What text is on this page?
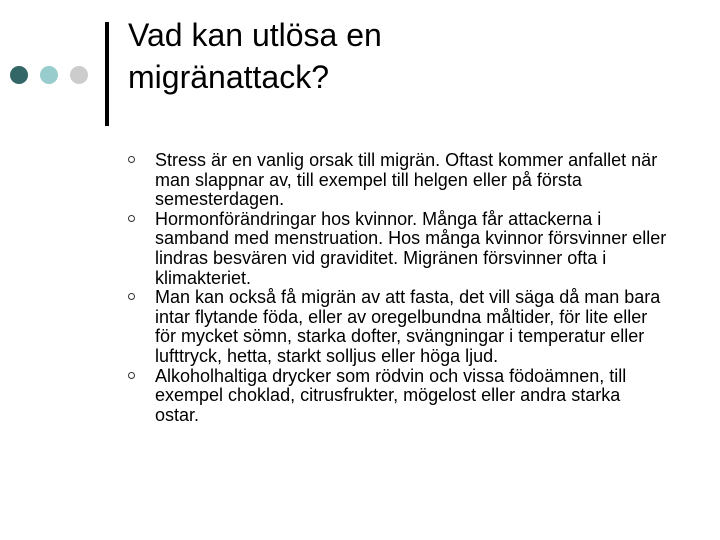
Vad kan utlösa en
migränattack?
Stress är en vanlig orsak till migrän. Oftast kommer anfallet när man slappnar av, till exempel till helgen eller på första semesterdagen.
Hormonförändringar hos kvinnor. Många får attackerna i samband med menstruation. Hos många kvinnor försvinner eller lindras besvären vid graviditet. Migränen försvinner ofta i klimakteriet.
Man kan också få migrän av att fasta, det vill säga då man bara intar flytande föda, eller av oregelbundna måltider, för lite eller för mycket sömn, starka dofter, svängningar i temperatur eller lufttryck, hetta, starkt solljus eller höga ljud.
Alkoholhaltiga drycker som rödvin och vissa födoämnen, till exempel choklad, citrusfrukter, mögelost eller andra starka ostar.
